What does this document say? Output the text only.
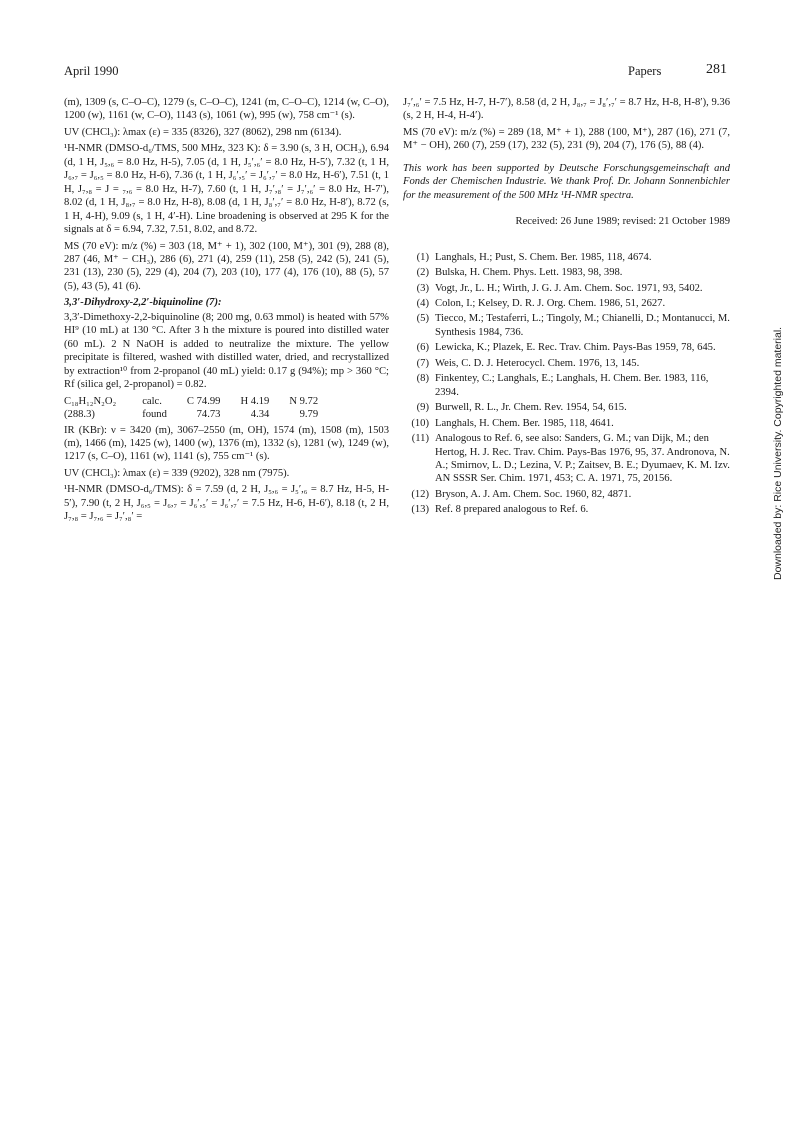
April 1990	Papers	281

(m), 1309 (s, C–O–C), 1279 (s, C–O–C), 1241 (m, C–O–C), 1214 (w, C–O), 1200 (w), 1161 (w, C–O), 1143 (s), 1061 (w), 995 (w), 758 cm⁻¹ (s).

UV (CHCl₃): λmax (ε) = 335 (8326), 327 (8062), 298 nm (6134).

¹H-NMR (DMSO-d₆/TMS, 500 MHz, 323 K): δ = 3.90 (s, 3 H, OCH₃), 6.94 (d, 1 H, J₅,₆ = 8.0 Hz, H-5), 7.05 (d, 1 H, J₅′,₆′ = 8.0 Hz, H-5′), 7.32 (t, 1 H, J₆,₇ = J₆,₅ = 8.0 Hz, H-6), 7.36 (t, 1 H, J₆′,₅′ = J₆′,₇′ = 8.0 Hz, H-6′), 7.51 (t, 1 H, J₇,₈ = J = ₇,₆ = 8.0 Hz, H-7), 7.60 (t, 1 H, J₇′,₈′ = J₇′,₆′ = 8.0 Hz, H-7′), 8.02 (d, 1 H, J₈,₇ = 8.0 Hz, H-8), 8.08 (d, 1 H, J₈′,₇′ = 8.0 Hz, H-8′), 8.72 (s, 1 H, 4-H), 9.09 (s, 1 H, 4′-H). Line broadening is observed at 295 K for the signals at δ = 6.94, 7.32, 7.51, 8.02, and 8.72.

MS (70 eV): m/z (%) = 303 (18, M⁺ + 1), 302 (100, M⁺), 301 (9), 288 (8), 287 (46, M⁺ − CH₃), 286 (6), 271 (4), 259 (11), 258 (5), 242 (5), 241 (5), 231 (13), 230 (5), 229 (4), 204 (7), 203 (10), 177 (4), 176 (10), 88 (5), 57 (5), 43 (5), 41 (6).

3,3′-Dihydroxy-2,2′-biquinoline (7):

3,3′-Dimethoxy-2,2-biquinoline (8; 200 mg, 0.63 mmol) is heated with 57% HI⁹ (10 mL) at 130 °C. After 3 h the mixture is poured into distilled water (60 mL). 2 N NaOH is added to neutralize the mixture. The yellow precipitate is filtered, washed with distilled water, dried, and recrystallized by extraction¹⁰ from 2-propanol (40 mL) yield: 0.17 g (94%); mp > 360 °C; Rf (silica gel, 2-propanol) = 0.82.

C₁₈H₁₂N₂O₂	calc.	C 74.99	H 4.19	N 9.72
(288.3)	found	74.73	4.34	9.79

IR (KBr): ν = 3420 (m), 3067–2550 (m, OH), 1574 (m), 1508 (m), 1503 (m), 1466 (m), 1425 (w), 1400 (w), 1376 (m), 1332 (s), 1281 (w), 1249 (w), 1217 (s, C–O), 1161 (w), 1141 (s), 755 cm⁻¹ (s).

UV (CHCl₃): λmax (ε) = 339 (9202), 328 nm (7975).

¹H-NMR (DMSO-d₆/TMS): δ = 7.59 (d, 2 H, J₅,₆ = J₅′,₆ = 8.7 Hz, H-5, H-5′), 7.90 (t, 2 H, J₆,₅ = J₆,₇ = J₆′,₅′ = J₆′,₇′ = 7.5 Hz, H-6, H-6′), 8.18 (t, 2 H, J₇,₈ = J₇,₆ = J₇′,₈′ =

J₇′,₆′ = 7.5 Hz, H-7, H-7′), 8.58 (d, 2 H, J₈,₇ = J₈′,₇′ = 8.7 Hz, H-8, H-8′), 9.36 (s, 2 H, H-4, H-4′).

MS (70 eV): m/z (%) = 289 (18, M⁺ + 1), 288 (100, M⁺), 287 (16), 271 (7, M⁺ − OH), 260 (7), 259 (17), 232 (5), 231 (9), 204 (7), 176 (5), 88 (4).

This work has been supported by Deutsche Forschungsgemeinschaft and Fonds der Chemischen Industrie. We thank Prof. Dr. Johann Sonnenbichler for the measurement of the 500 MHz ¹H-NMR spectra.

Received: 26 June 1989; revised: 21 October 1989

(1) Langhals, H.; Pust, S. Chem. Ber. 1985, 118, 4674.
(2) Bulska, H. Chem. Phys. Lett. 1983, 98, 398.
(3) Vogt, Jr., L. H.; Wirth, J. G. J. Am. Chem. Soc. 1971, 93, 5402.
(4) Colon, I.; Kelsey, D. R. J. Org. Chem. 1986, 51, 2627.
(5) Tiecco, M.; Testaferri, L.; Tingoly, M.; Chianelli, D.; Montanucci, M. Synthesis 1984, 736.
(6) Lewicka, K.; Plazek, E. Rec. Trav. Chim. Pays-Bas 1959, 78, 645.
(7) Weis, C. D. J. Heterocycl. Chem. 1976, 13, 145.
(8) Finkentey, C.; Langhals, E.; Langhals, H. Chem. Ber. 1983, 116, 2394.
(9) Burwell, R. L., Jr. Chem. Rev. 1954, 54, 615.
(10) Langhals, H. Chem. Ber. 1985, 118, 4641.
(11) Analogous to Ref. 6, see also: Sanders, G. M.; van Dijk, M.; den Hertog, H. J. Rec. Trav. Chim. Pays-Bas 1976, 95, 37. Andronova, N. A.; Smirnov, L. D.; Lezina, V. P.; Zaitsev, B. E.; Dyumaev, K. M. Izv. AN SSSR Ser. Chim. 1971, 453; C. A. 1971, 75, 20156.
(12) Bryson, A. J. Am. Chem. Soc. 1960, 82, 4871.
(13) Ref. 8 prepared analogous to Ref. 6.	Downloaded by: Rice University. Copyrighted material.
